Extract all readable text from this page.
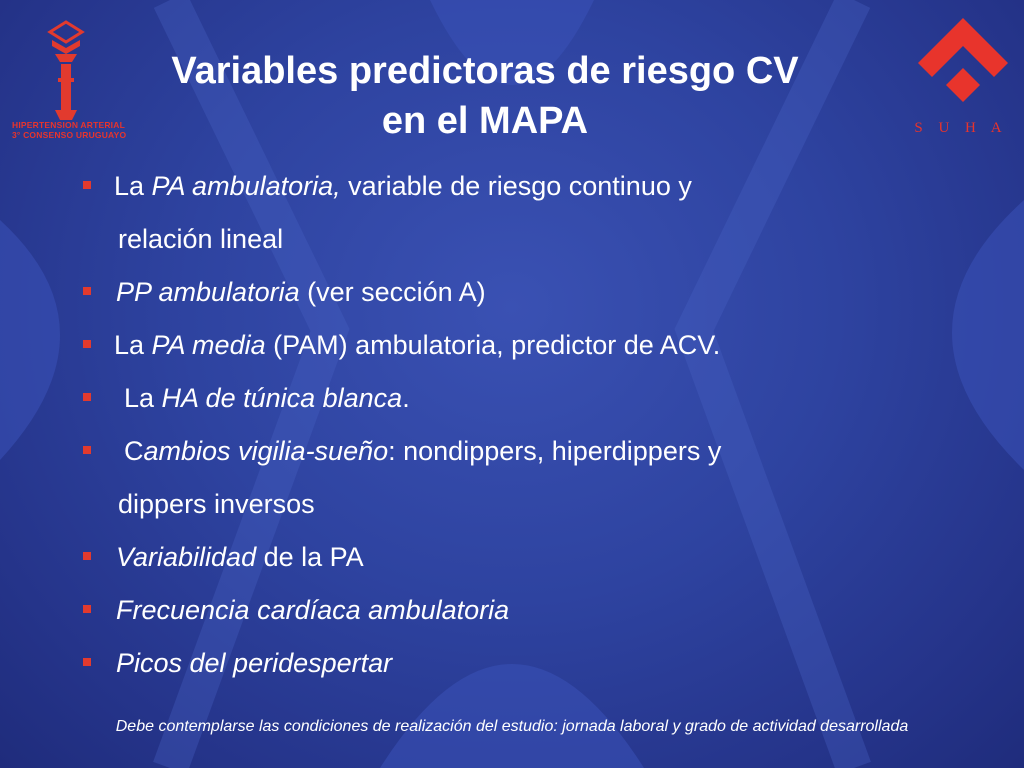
HIPERTENSION ARTERIAL
3° CONSENSO URUGUAYO	S U H A
Variables predictoras de riesgo CV
en el MAPA
La PA ambulatoria, variable de riesgo continuo y
relación lineal
PP ambulatoria (ver sección A)
La PA media (PAM) ambulatoria, predictor de ACV.
La HA de túnica blanca.
Cambios vigilia-sueño: nondippers, hiperdippers y
dippers inversos
Variabilidad de la PA
Frecuencia cardíaca ambulatoria
Picos del peridespertar
Debe contemplarse las condiciones de realización del estudio: jornada laboral y grado de actividad desarrollada
